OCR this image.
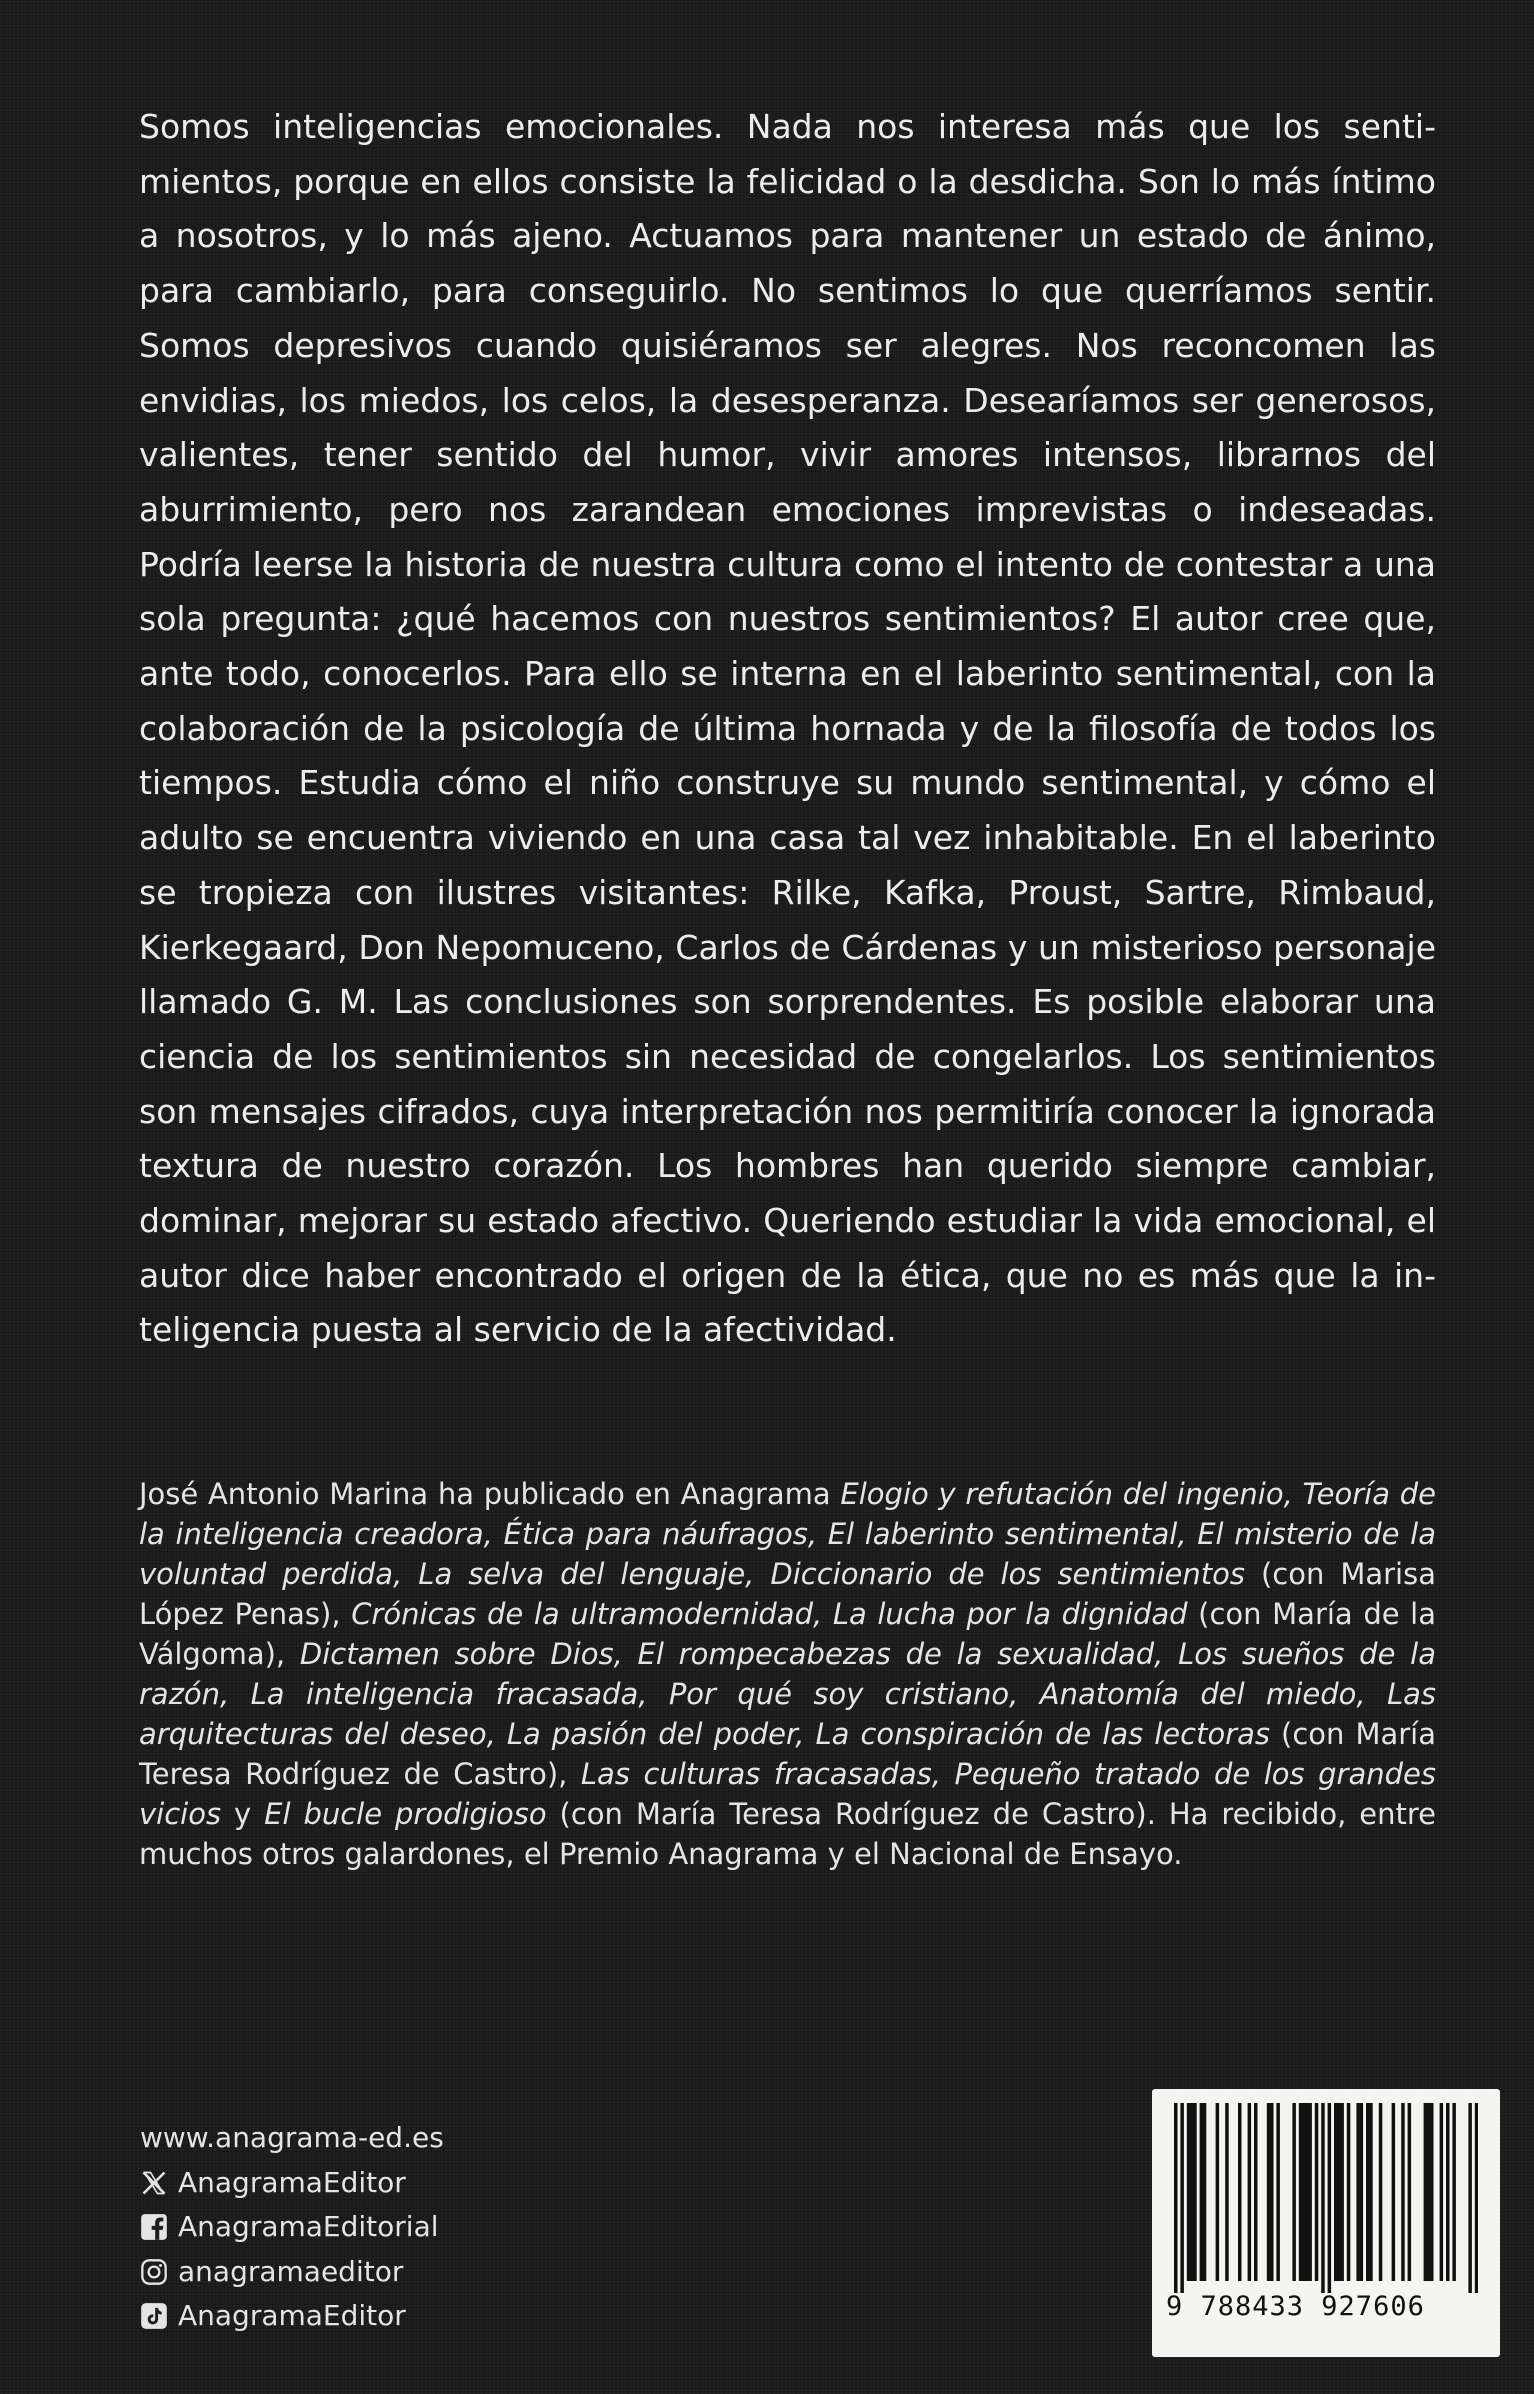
Somos inteligencias emocionales. Nada nos interesa más que los sentimientos, porque en ellos consiste la felicidad o la desdicha. Son lo más íntimo a nosotros, y lo más ajeno. Actuamos para mantener un estado de ánimo, para cambiarlo, para conseguirlo. No sentimos lo que querríamos sentir. Somos depresivos cuando quisiéramos ser alegres. Nos reconcomen las envidias, los miedos, los celos, la desesperanza. Desearíamos ser generosos, valientes, tener sentido del humor, vivir amores intensos, librarnos del aburrimiento, pero nos zarandean emociones imprevistas o indeseadas. Podría leerse la historia de nuestra cultura como el intento de contestar a una sola pregunta: ¿qué hacemos con nuestros sentimientos? El autor cree que, ante todo, conocerlos. Para ello se interna en el laberinto sentimental, con la colaboración de la psicología de última hornada y de la filosofía de todos los tiempos. Estudia cómo el niño construye su mundo sentimental, y cómo el adulto se encuentra viviendo en una casa tal vez inhabitable. En el laberinto se tropieza con ilustres visitantes: Rilke, Kafka, Proust, Sartre, Rimbaud, Kierkegaard, Don Nepomuceno, Carlos de Cárdenas y un misterioso personaje llamado G. M. Las conclusiones son sorprendentes. Es posible elaborar una ciencia de los sentimientos sin necesidad de congelarlos. Los sentimientos son mensajes cifrados, cuya interpretación nos permitiría conocer la ignorada textura de nuestro corazón. Los hombres han querido siempre cambiar, dominar, mejorar su estado afectivo. Queriendo estudiar la vida emocional, el autor dice haber encontrado el origen de la ética, que no es más que la inteligencia puesta al servicio de la afectividad.

José Antonio Marina ha publicado en Anagrama Elogio y refutación del ingenio, Teoría de la inteligencia creadora, Ética para náufragos, El laberinto sentimental, El misterio de la voluntad perdida, La selva del lenguaje, Diccionario de los sentimientos (con Marisa López Penas), Crónicas de la ultramodernidad, La lucha por la dignidad (con María de la Válgoma), Dictamen sobre Dios, El rompecabezas de la sexualidad, Los sueños de la razón, La inteligencia fracasada, Por qué soy cristiano, Anatomía del miedo, Las arquitecturas del deseo, La pasión del poder, La conspiración de las lectoras (con María Teresa Rodríguez de Castro), Las culturas fracasadas, Pequeño tratado de los grandes vicios y El bucle prodigioso (con María Teresa Rodríguez de Castro). Ha recibido, entre muchos otros galardones, el Premio Anagrama y el Nacional de Ensayo.

www.anagrama-ed.es
AnagramaEditor
AnagramaEditorial
anagramaeditor
AnagramaEditor	9 788433 927606
